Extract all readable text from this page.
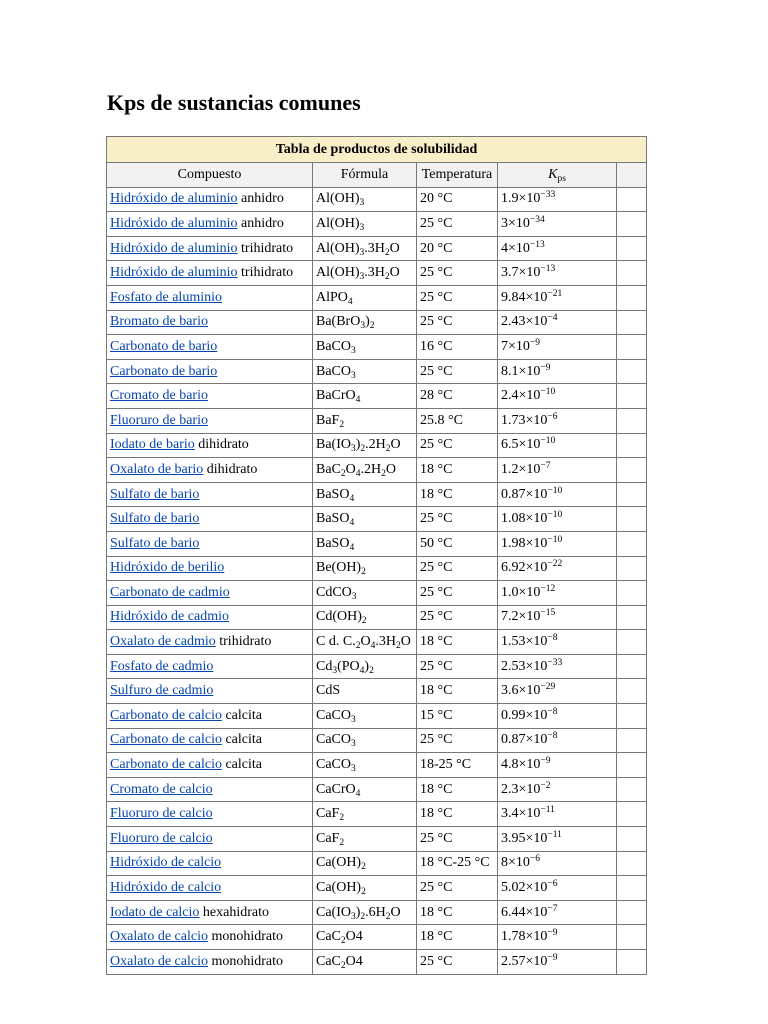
Kps de sustancias comunes
Tabla de productos de solubilidad				
Compuesto	Fórmula	Temperatura	$K_{ps}$	
Hidróxido de aluminio anhidro	$Al(OH)_3$	20 °C	$1.9\times 10^{-33}$	
Hidróxido de aluminio anhidro	$Al(OH)_3$	25 °C	$3\times 10^{-34}$	
Hidróxido de aluminio trihidrato	$Al(OH)_3.3H_2O$	20 °C	$4\times 10^{-13}$	
Hidróxido de aluminio trihidrato	$Al(OH)_3.3H_2O$	25 °C	$3.7\times 10^{-13}$	
Fosfato de aluminio	AlPO$_4$	25 °C	$9.84\times 10^{-21}$	
Bromato de bario	$Ba(BrO_3)_2$	25 °C	$2.43\times 10^{-4}$	
Carbonato de bario	BaCO$_3$	16 °C	$7\times 10^{-9}$	
Carbonato de bario	BaCO$_3$	25 °C	$8.1\times 10^{-9}$	
Cromato de bario	BaCrO$_4$	28 °C	$2.4\times 10^{-10}$	
Fluoruro de bario	BaF$_2$	25.8 °C	$1.73\times 10^{-6}$	
Iodato de bario dihidrato	$Ba(IO_3)_2.2H_2O$	25 °C	$6.5\times 10^{-10}$	
Oxalato de bario dihidrato	$BaC_2O_4.2H_2O$	18 °C	$1.2\times 10^{-7}$	
Sulfato de bario	BaSO$_4$	18 °C	$0.87\times 10^{-10}$	
Sulfato de bario	BaSO$_4$	25 °C	$1.08\times 10^{-10}$	
Sulfato de bario	BaSO$_4$	50 °C	$1.98\times 10^{-10}$	
Hidróxido de berilio	$Be(OH)_2$	25 °C	$6.92\times 10^{-22}$	
Carbonato de cadmio	CdCO$_3$	25 °C	$1.0\times 10^{-12}$	
Hidróxido de cadmio	$Cd(OH)_2$	25 °C	$7.2\times 10^{-15}$	
Oxalato de cadmio trihidrato	C d. $C._2O_4.3H_2O$	18 °C	$1.53\times 10^{-8}$	
Fosfato de cadmio	$Cd_3(PO_4)_2$	25 °C	$2.53\times 10^{-33}$	
Sulfuro de cadmio	CdS	18 °C	$3.6\times 10^{-29}$	
Carbonato de calcio calcita	CaCO$_3$	15 °C	$0.99\times 10^{-8}$	
Carbonato de calcio calcita	CaCO$_3$	25 °C	$0.87\times 10^{-8}$	
Carbonato de calcio calcita	CaCO$_3$	18-25 °C	$4.8\times 10^{-9}$	
Cromato de calcio	CaCrO$_4$	18 °C	$2.3\times 10^{-2}$	
Fluoruro de calcio	CaF$_2$	18 °C	$3.4\times 10^{-11}$	
Fluoruro de calcio	CaF$_2$	25 °C	$3.95\times 10^{-11}$	
Hidróxido de calcio	$Ca(OH)_2$	18 °C-25 °C	$8\times 10^{-6}$	
Hidróxido de calcio	$Ca(OH)_2$	25 °C	$5.02\times 10^{-6}$	
Iodato de calcio hexahidrato	$Ca(IO_3)_2.6H_2O$	18 °C	$6.44\times 10^{-7}$	
Oxalato de calcio monohidrato	CaC$_2$O4	18 °C	$1.78\times 10^{-9}$	
Oxalato de calcio monohidrato	CaC$_2$O4	25 °C	$2.57\times 10^{-9}$	
